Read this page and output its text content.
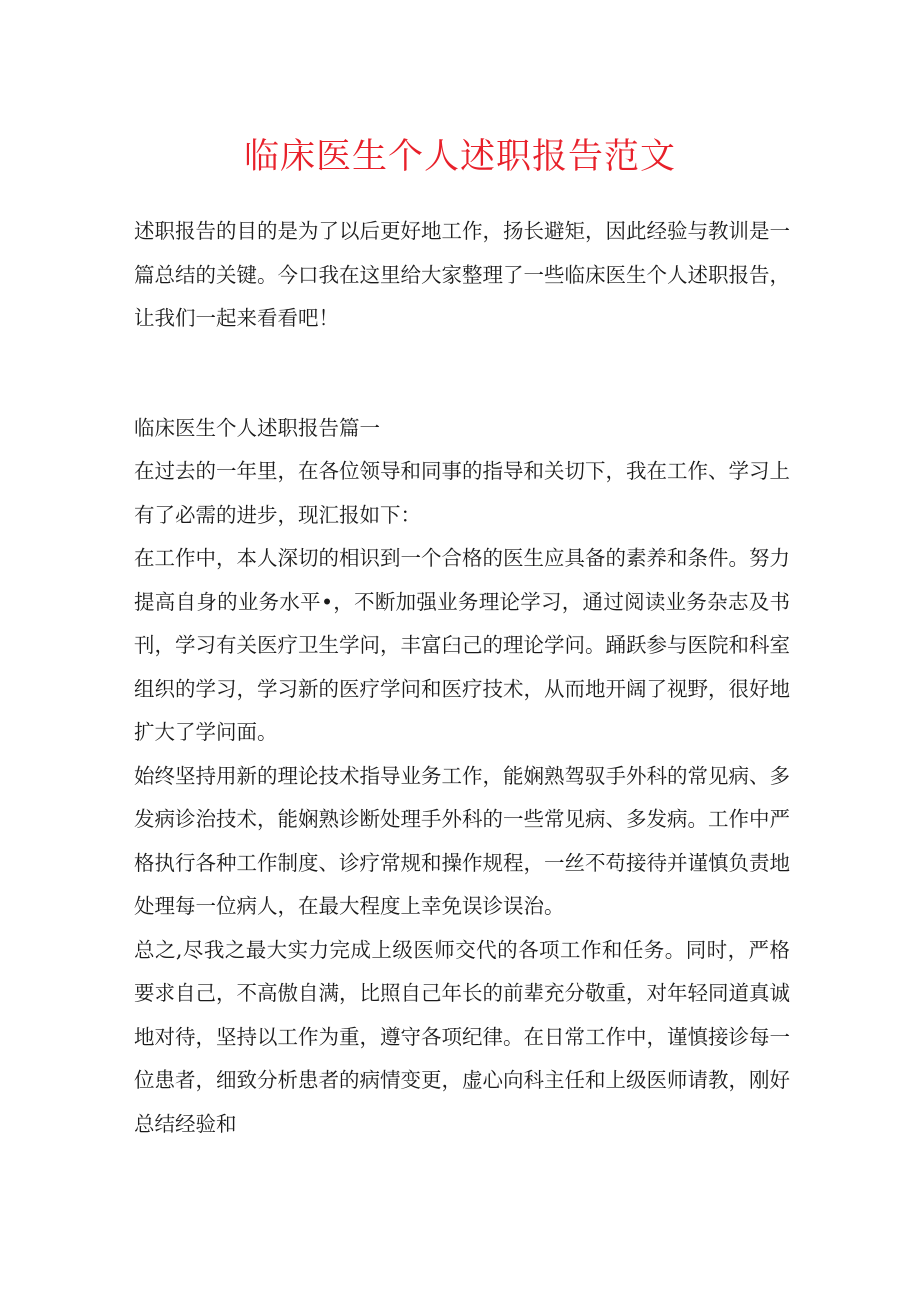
临床医生个人述职报告范文

述职报告的目的是为了以后更好地工作，扬长避矩，因此经验与教训是一篇总结的关键。今口我在这里给大家整理了一些临床医生个人述职报告，让我们一起来看看吧！

临床医生个人述职报告篇一

在过去的一年里，在各位领导和同事的指导和关切下，我在工作、学习上有了必需的进步，现汇报如下：

在工作中，本人深切的相识到一个合格的医生应具备的素养和条件。努力提高自身的业务水平•，不断加强业务理论学习，通过阅读业务杂志及书刊，学习有关医疗卫生学问，丰富臼己的理论学问。踊跃参与医院和科室组织的学习，学习新的医疗学问和医疗技术，从而地开阔了视野，很好地扩大了学问面。

始终坚持用新的理论技术指导业务工作，能娴熟驾驭手外科的常见病、多发病诊治技术，能娴熟诊断处理手外科的一些常见病、多发病。工作中严格执行各种工作制度、诊疗常规和操作规程，一丝不苟接待并谨慎负责地处理每一位病人，在最大程度上幸免误诊误治。

总之,尽我之最大实力完成上级医师交代的各项工作和任务。同时，严格要求自己，不高傲自满，比照自己年长的前辈充分敬重，对年轻同道真诚地对待，坚持以工作为重，遵守各项纪律。在日常工作中，谨慎接诊每一位患者，细致分析患者的病情变更，虚心向科主任和上级医师请教，刚好总结经验和
